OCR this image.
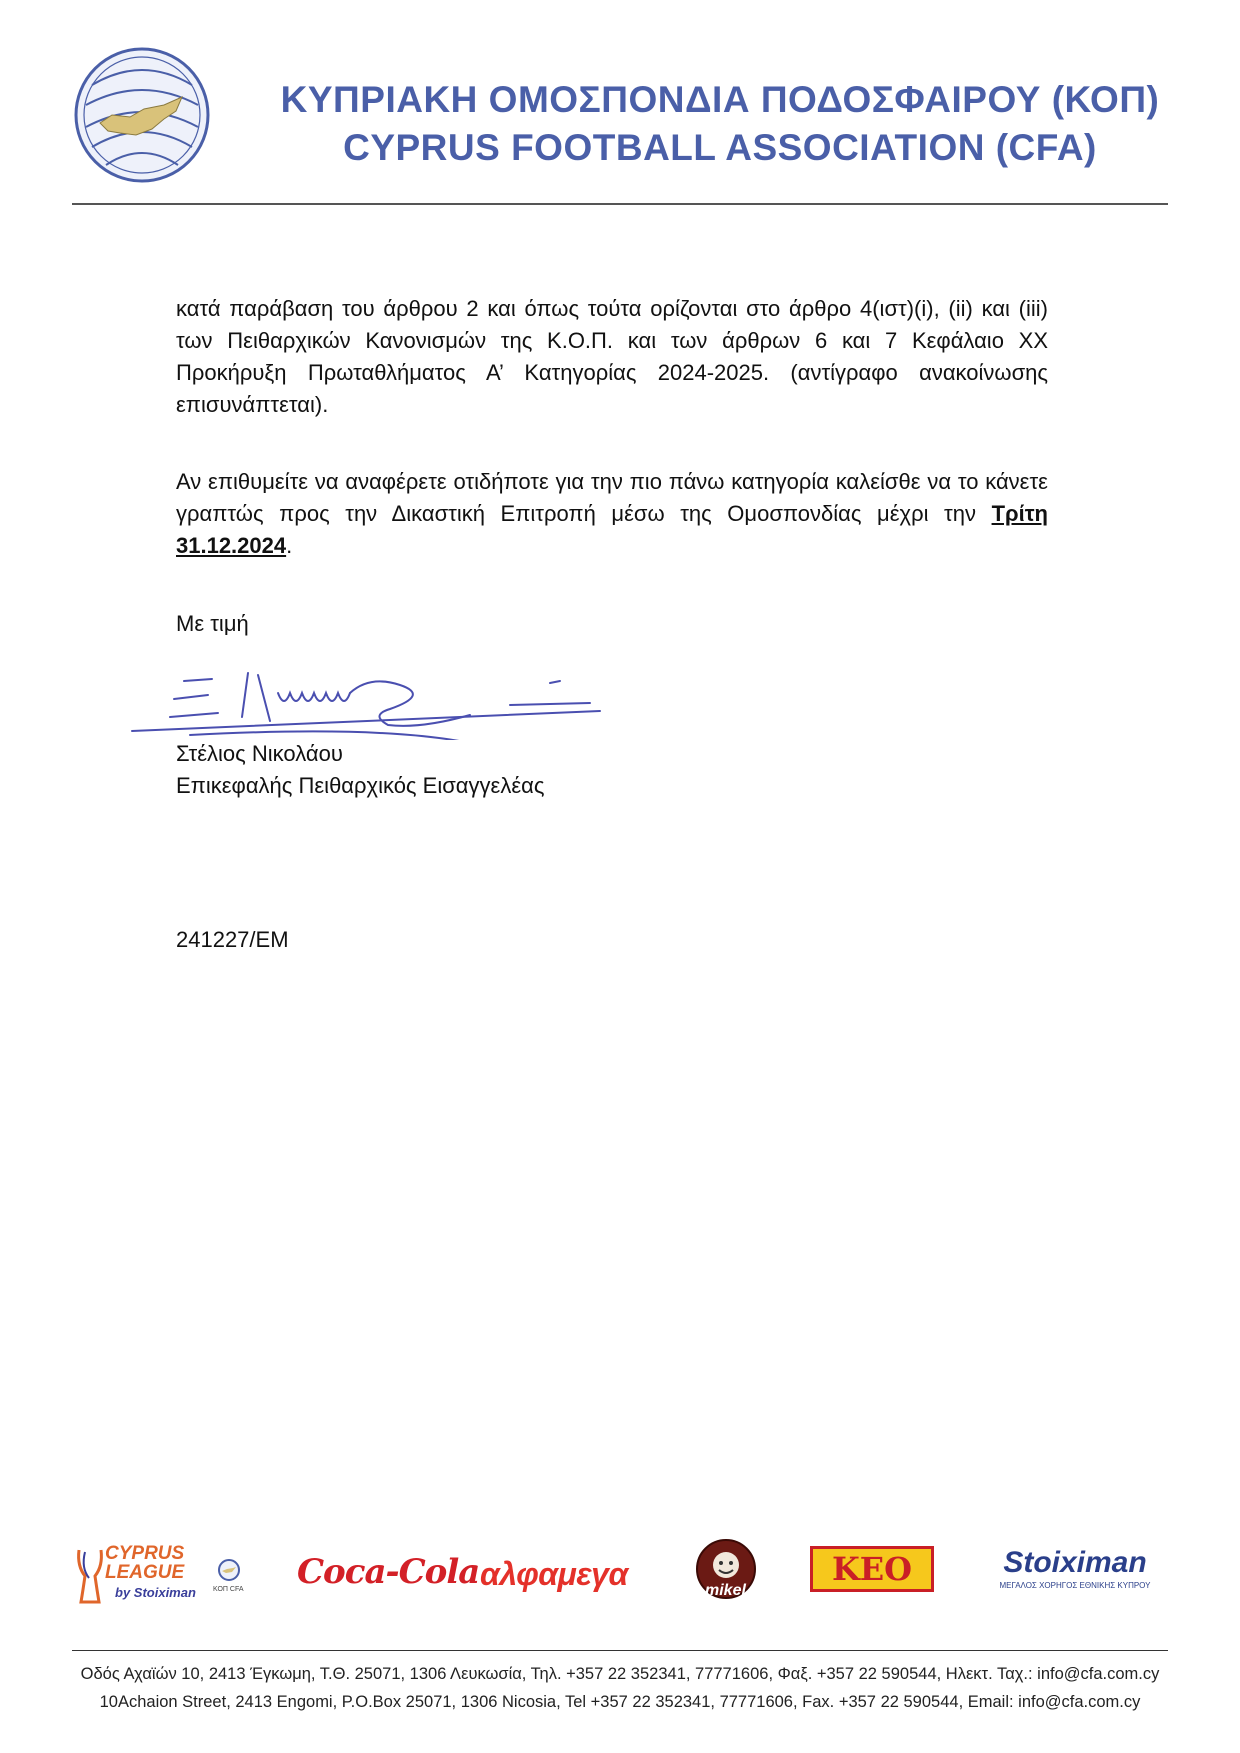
ΚΥΠΡΙΑΚΗ ΟΜΟΣΠΟΝΔΙΑ ΠΟΔΟΣΦΑΙΡΟΥ (ΚΟΠ)
CYPRUS FOOTBALL ASSOCIATION (CFA)
κατά παράβαση του άρθρου 2 και όπως τούτα ορίζονται στο άρθρο 4(ιστ)(i), (ii) και (iii) των Πειθαρχικών Κανονισμών της Κ.Ο.Π. και των άρθρων 6 και 7 Κεφάλαιο ΧΧ Προκήρυξη Πρωταθλήματος Α’ Κατηγορίας 2024-2025. (αντίγραφο ανακοίνωσης επισυνάπτεται).
Αν επιθυμείτε να αναφέρετε οτιδήποτε για την πιο πάνω κατηγορία καλείσθε να το κάνετε γραπτώς προς την Δικαστική Επιτροπή μέσω της Ομοσπονδίας μέχρι την Τρίτη 31.12.2024.
Με τιμή
Στέλιος Νικολάου
Επικεφαλής Πειθαρχικός Εισαγγελέας
241227/ΕΜ
CYPRUS
LEAGUE
by Stoiximan ΚΟΠ CFA Coca-Cola αλφαμεγα	mikel
ΚΕΟ	Stoiximan
ΜΕΓΑΛΟΣ ΧΟΡΗΓΟΣ ΕΘΝΙΚΗΣ ΚΥΠΡΟΥ
Οδός Αχαϊών 10, 2413 Έγκωμη, Τ.Θ. 25071, 1306 Λευκωσία, Τηλ. +357 22 352341, 77771606, Φαξ. +357 22 590544, Ηλεκτ. Ταχ.: info@cfa.com.cy
10Achaion Street, 2413 Engomi, P.O.Box 25071, 1306 Nicosia, Tel +357 22 352341, 77771606, Fax. +357 22 590544, Email: info@cfa.com.cy
